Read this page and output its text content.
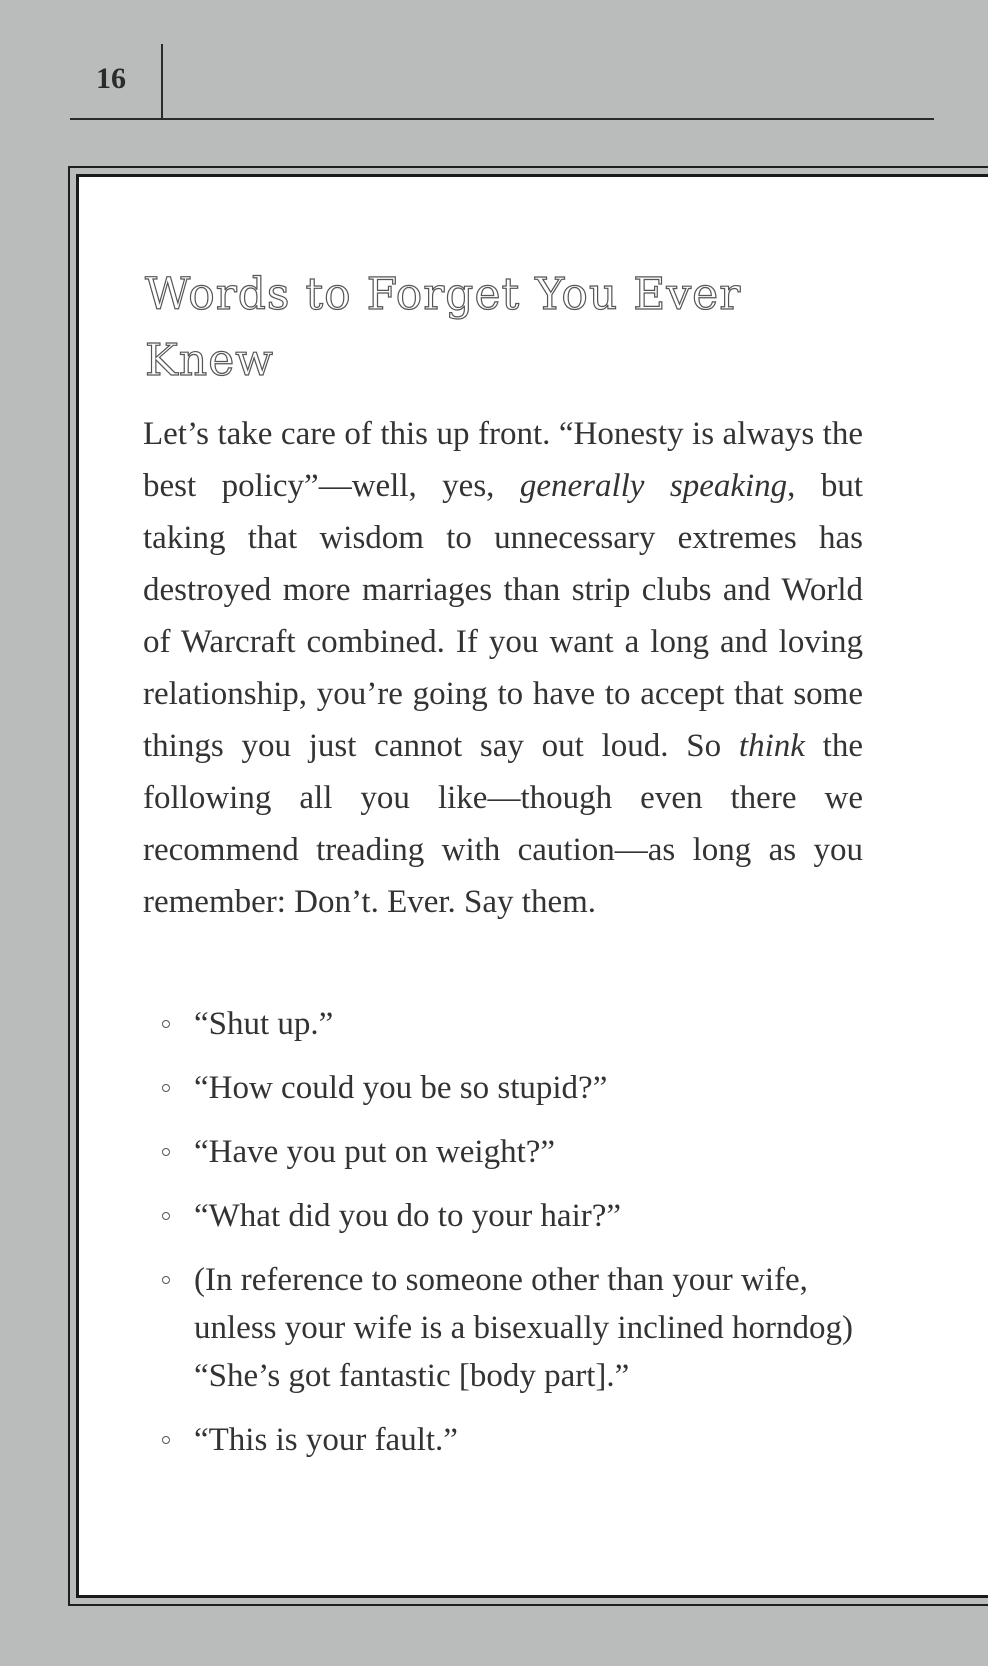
16
Words to Forget You Ever Knew

Let’s take care of this up front. “Honesty is always the best policy”—well, yes, generally speaking, but taking that wisdom to unnecessary extremes has destroyed more marriages than strip clubs and World of Warcraft combined. If you want a long and loving relationship, you’re going to have to accept that some things you just cannot say out loud. So think the following all you like—though even there we recommend treading with caution—as long as you remember: Don’t. Ever. Say them.

“Shut up.”
“How could you be so stupid?”
“Have you put on weight?”
“What did you do to your hair?”
(In reference to someone other than your wife, unless your wife is a bisexually inclined horndog) “She’s got fantastic [body part].”
“This is your fault.”
